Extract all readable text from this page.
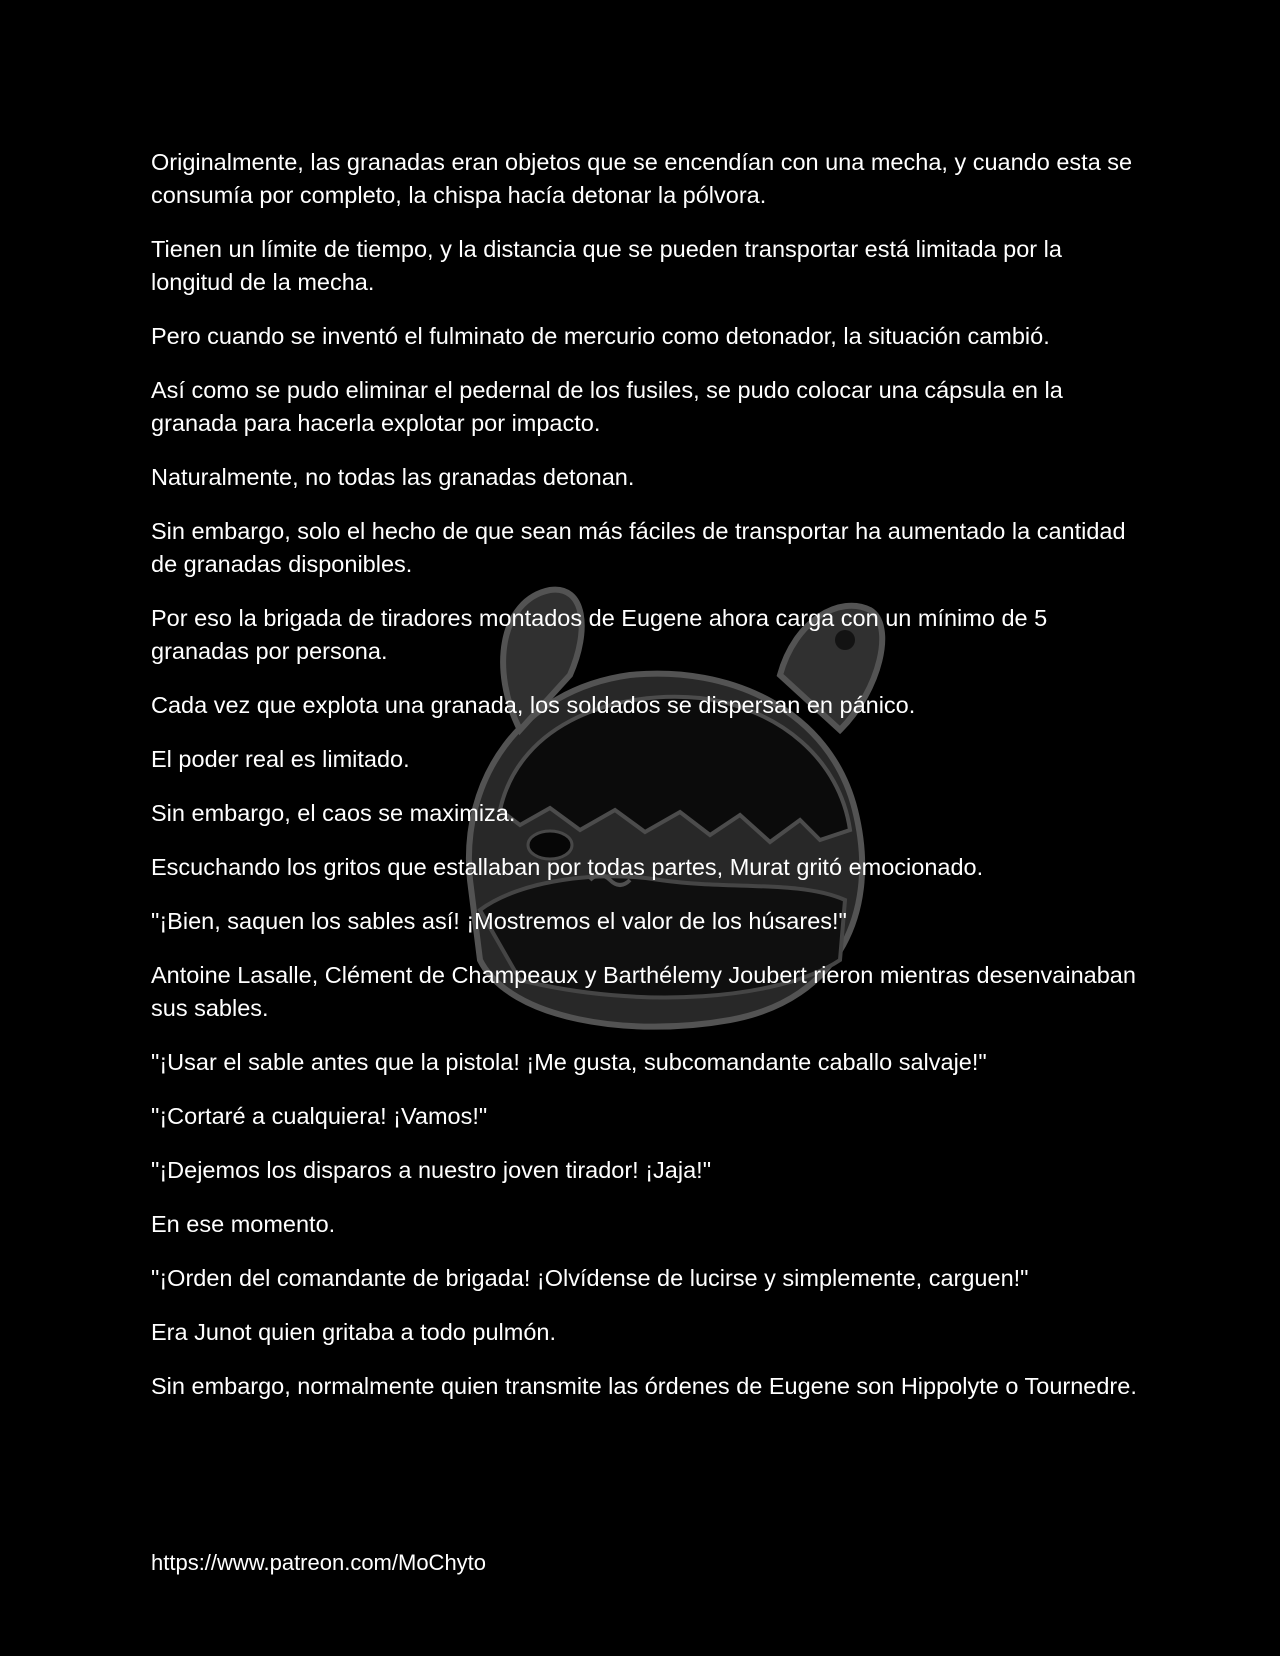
Originalmente, las granadas eran objetos que se encendían con una mecha, y cuando esta se consumía por completo, la chispa hacía detonar la pólvora.

Tienen un límite de tiempo, y la distancia que se pueden transportar está limitada por la longitud de la mecha.

Pero cuando se inventó el fulminato de mercurio como detonador, la situación cambió.

Así como se pudo eliminar el pedernal de los fusiles, se pudo colocar una cápsula en la granada para hacerla explotar por impacto.

Naturalmente, no todas las granadas detonan.

Sin embargo, solo el hecho de que sean más fáciles de transportar ha aumentado la cantidad de granadas disponibles.

Por eso la brigada de tiradores montados de Eugene ahora carga con un mínimo de 5 granadas por persona.

Cada vez que explota una granada, los soldados se dispersan en pánico.

El poder real es limitado.

Sin embargo, el caos se maximiza.

Escuchando los gritos que estallaban por todas partes, Murat gritó emocionado.

"¡Bien, saquen los sables así! ¡Mostremos el valor de los húsares!"

Antoine Lasalle, Clément de Champeaux y Barthélemy Joubert rieron mientras desenvainaban sus sables.

"¡Usar el sable antes que la pistola! ¡Me gusta, subcomandante caballo salvaje!"

"¡Cortaré a cualquiera! ¡Vamos!"

"¡Dejemos los disparos a nuestro joven tirador! ¡Jaja!"

En ese momento.

"¡Orden del comandante de brigada! ¡Olvídense de lucirse y simplemente, carguen!"

Era Junot quien gritaba a todo pulmón.

Sin embargo, normalmente quien transmite las órdenes de Eugene son Hippolyte o Tournedre.

https://www.patreon.com/MoChyto
